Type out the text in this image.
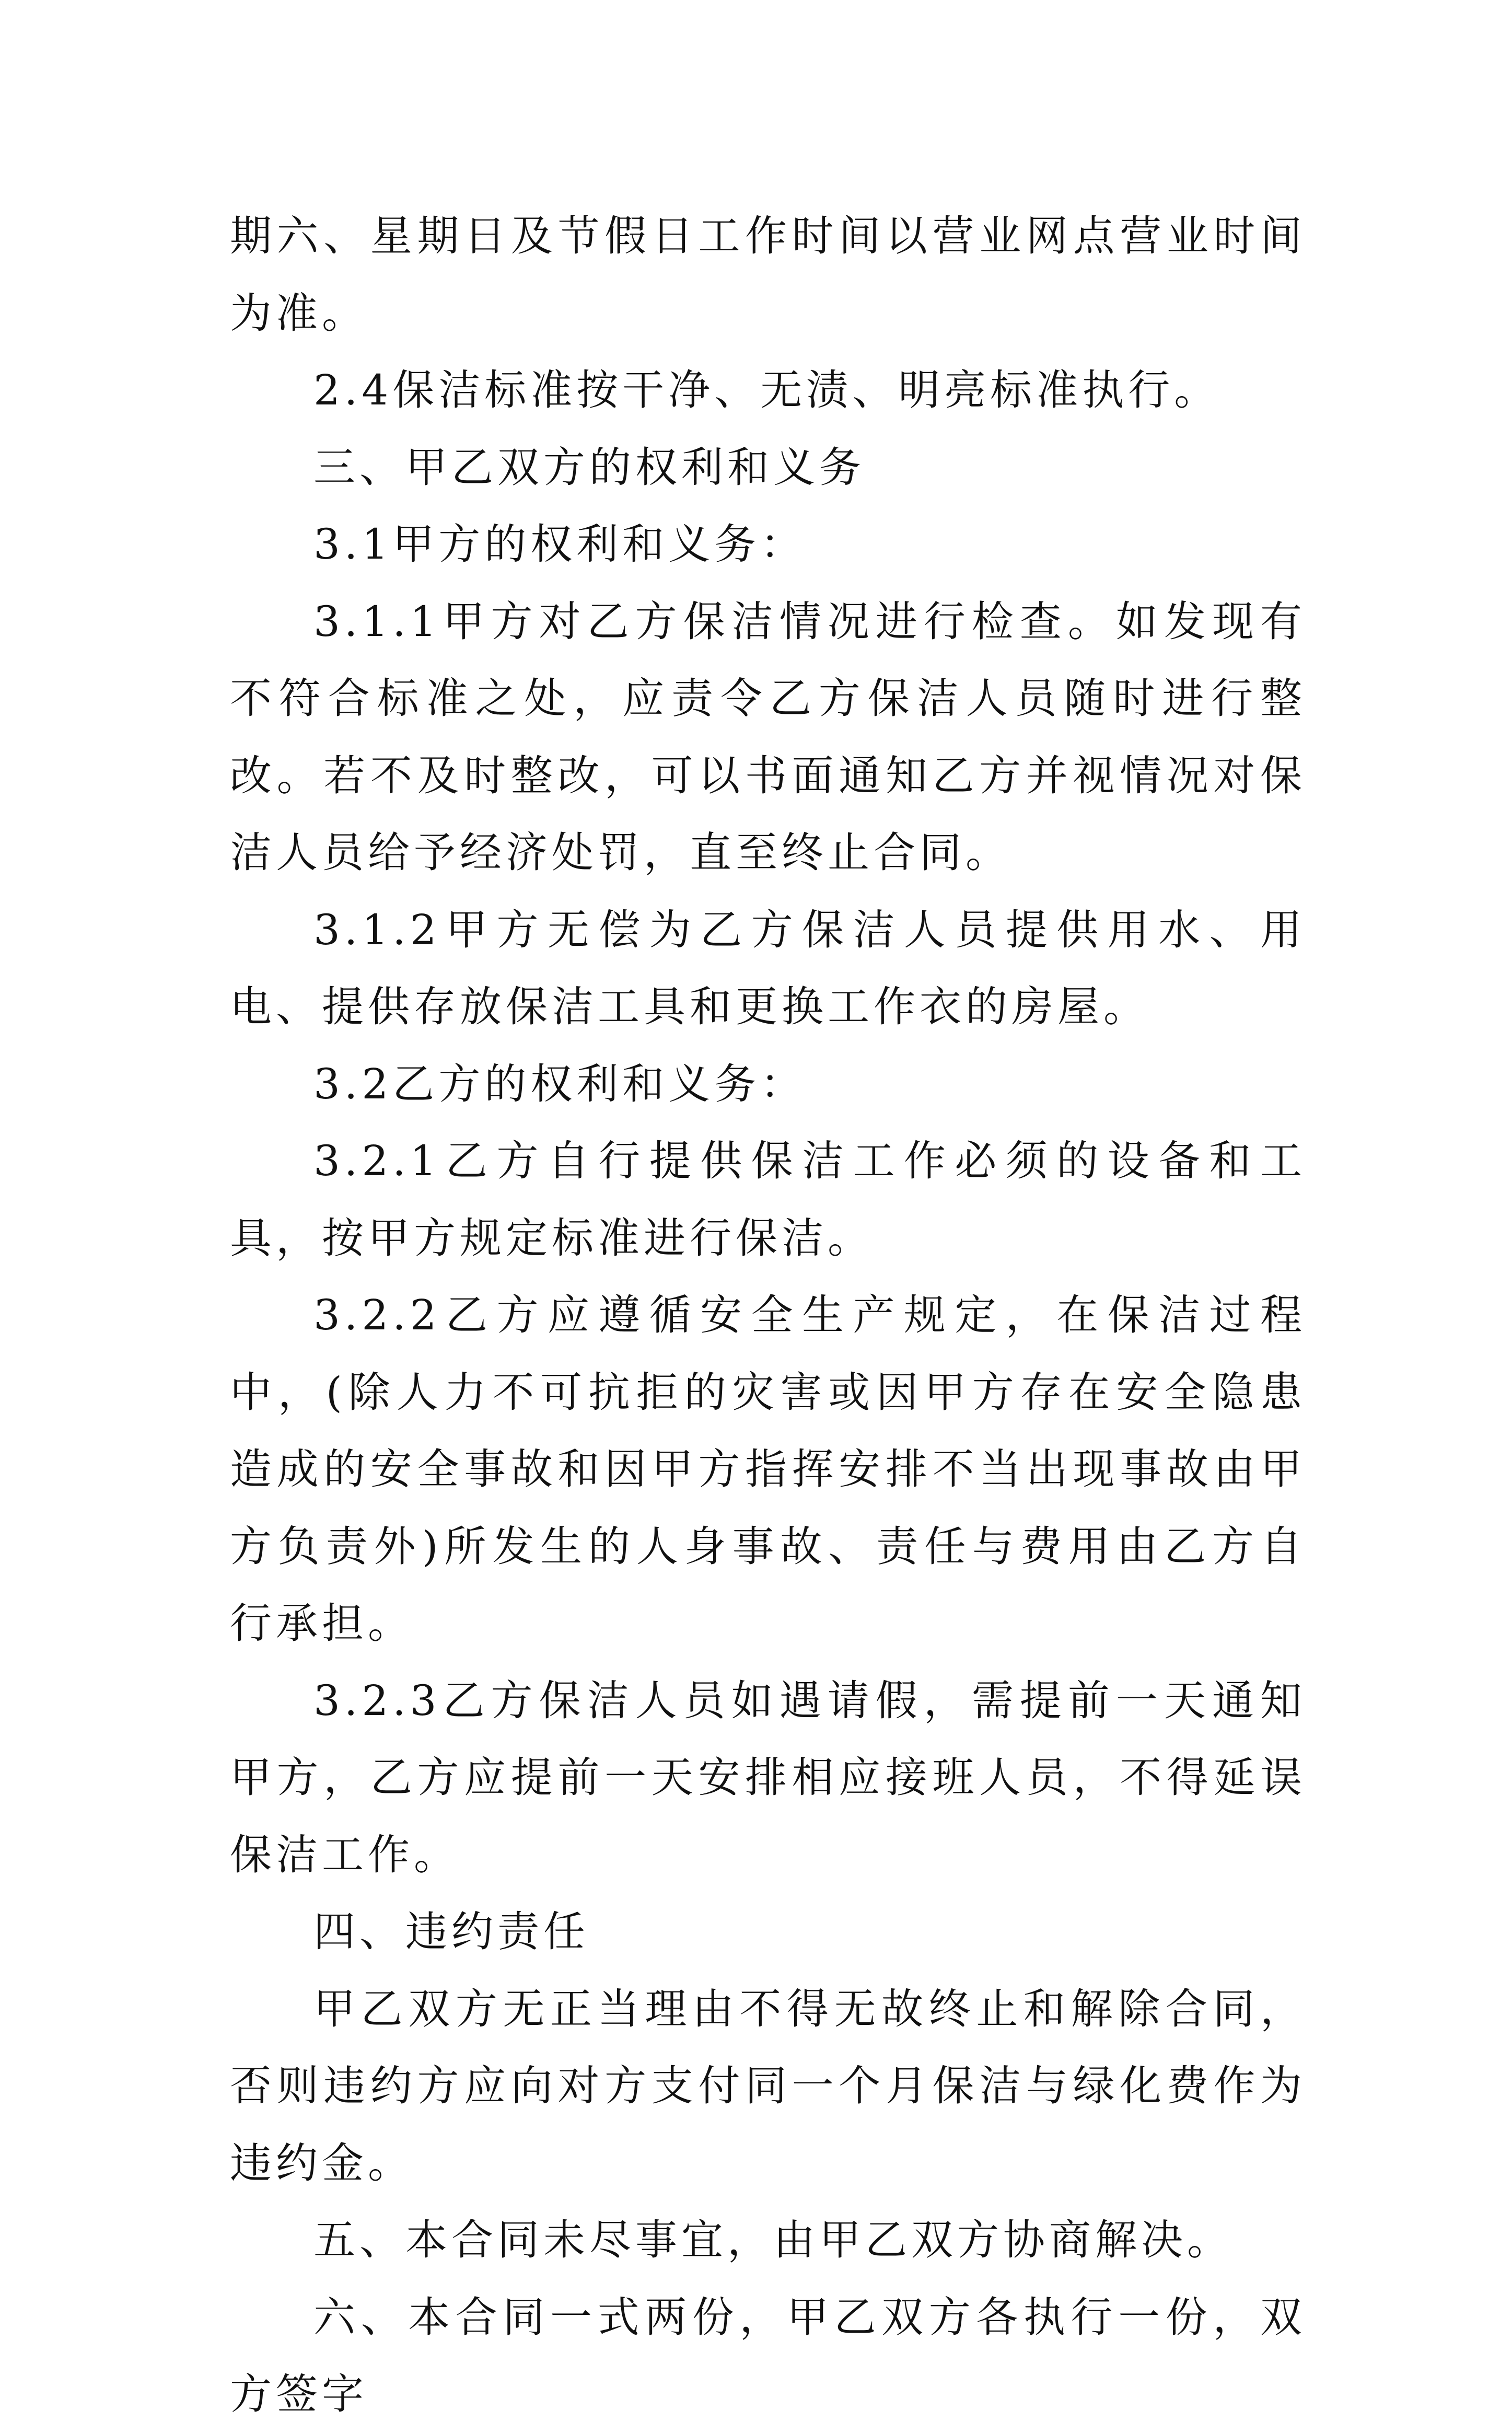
期六、星期日及节假日工作时间以营业网点营业时间为准。

2.4保洁标准按干净、无渍、明亮标准执行。

三、甲乙双方的权利和义务

3.1甲方的权利和义务：

3.1.1甲方对乙方保洁情况进行检查。如发现有不符合标准之处，应责令乙方保洁人员随时进行整改。若不及时整改，可以书面通知乙方并视情况对保洁人员给予经济处罚，直至终止合同。

3.1.2甲方无偿为乙方保洁人员提供用水、用电、提供存放保洁工具和更换工作衣的房屋。

3.2乙方的权利和义务：

3.2.1乙方自行提供保洁工作必须的设备和工具，按甲方规定标准进行保洁。

3.2.2乙方应遵循安全生产规定，在保洁过程中，(除人力不可抗拒的灾害或因甲方存在安全隐患造成的安全事故和因甲方指挥安排不当出现事故由甲方负责外)所发生的人身事故、责任与费用由乙方自行承担。

3.2.3乙方保洁人员如遇请假，需提前一天通知甲方，乙方应提前一天安排相应接班人员，不得延误保洁工作。

四、违约责任

甲乙双方无正当理由不得无故终止和解除合同，否则违约方应向对方支付同一个月保洁与绿化费作为违约金。

五、本合同未尽事宜，由甲乙双方协商解决。

六、本合同一式两份，甲乙双方各执行一份，双方签字
